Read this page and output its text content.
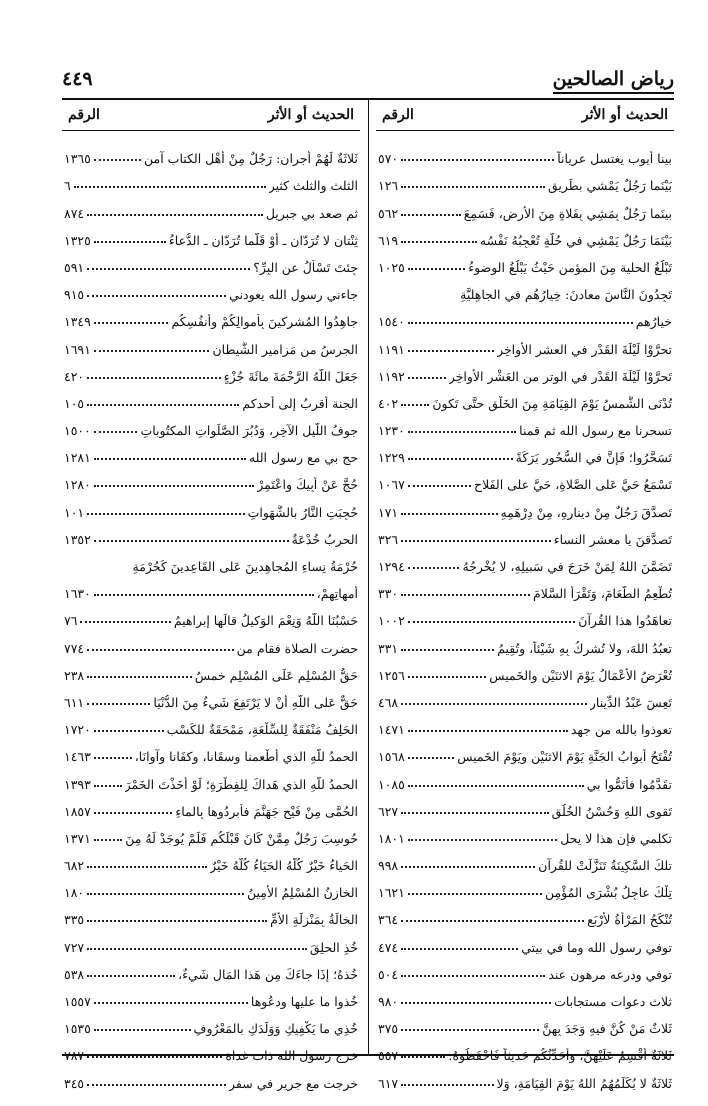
رياض الصالحين
٤٤٩
الحديث أو الأثر
الرقم
بينا أيوب يغتسل عرياناً
٥٧٠
بَيْنَما رَجُلٌ يَمْشي بطَريقٍ
١٢٦
بينَما رَجُلٌ بِمَشِي بِفَلاةٍ مِنَ الأرضِ، فَسَمِعَ
٥٦٢
بَيْنَمَا رَجُلٌ يَمْشِي في حُلَّةٍ تُعْجِبُهُ نَفْسُه
٦١٩
تَبْلُغُ الحلية مِنَ المؤمنِ حَيْثُ يَبْلُغُ الوضوءُ
١٠٢٥
تَجِدُونَ النَّاسَ معادنَ: خِيارُهُم في الجاهِليَّةِ
خيارُهم
١٥٤٠
تحرَّوْا لَيْلَةَ القَدْرِ في العشرِ الأواخِرِ
١١٩١
تَحرَّوْا لَيْلَةَ القَدْرِ في الوِترِ من العَشْرِ الأواخِرِ
١١٩٢
تُدْنَى الشَّمسُ يَوْمَ القِيَامَةِ مِنَ الخَلْقِ حتَّى تَكونَ
٤٠٢
تسحرنا مع رسول الله ثم قمنا
١٢٣٠
تَسَحَّرُوا؛ فَإنَّ في السُّحُورِ بَرَكَةً
١٢٢٩
تَسْمَعُ حَيَّ عَلى الصَّلاةِ، حَيَّ على الفَلاحِ
١٠٦٧
تَصدَّقَ رَجُلٌ مِنْ دينارِهِ، مِنْ دِرْهَمِهِ
١٧١
تَصدَّقنَ يا معشر النساء
٣٢٦
تَضَمَّنَ اللهُ لِمَنْ خَرَجَ في سَبيلِهِ، لا يُخْرِجُهُ
١٢٩٤
تُطْعِمُ الطَّعَامَ، وَتَقْرَأُ السَّلامَ
٣٣٠
تعاهَدُوا هذا القُرآنَ
١٠٠٢
تعبُدُ اللهَ، ولا تُشرِكُ بِهِ شَيْئاً، وتُقِيمُ
٣٣١
تُعْرَضُ الأَعْمَالُ يَوْمَ الاثنَيْنِ والخَميسِ
١٢٥٦
تَعِسَ عَبْدُ الدِّينارِ
٤٦٨
تعوذوا بالله من جهد
١٤٧١
تُفْتَحُ أبوابُ الجَنَّةِ يَوْمَ الاثنَيْنِ ويَوْمَ الخَميسِ
١٥٦٨
تقَدَّمُوا فأتَمُّوا بي
١٠٨٥
تَقوى اللهِ وَحُسْنُ الخُلُقِ
٦٢٧
تكلمي فإن هذا لا يحل
١٨٠١
تلكَ السَّكِينَةُ تَنَزَّلَتْ للقُرآنِ
٩٩٨
تِلْكَ عاجِلُ بُشْرَى المُؤْمِنِ
١٦٢١
تُنْكَحُ المَرْأَةُ لأَرْبَعٍ
٣٦٤
توفي رسول الله وما في بيتي
٤٧٤
توفي ودرعه مرهون عند
٥٠٤
ثلاث دعوات مستجابات
٩٨٠
ثَلاثٌ مَنْ كُنَّ فيهِ وَجَدَ بِهِنَّ
٣٧٥
ثَلاثَةٌ أُقْسِمُ عَلَيْهِنَّ، وأُحَدِّثُكُم حَديثاً فَاحْفَظُوهُ:
٥٥٧
ثَلاثَةٌ لا يُكَلِّمُهُمُ اللهُ يَوْمَ القِيَامَةِ، وَلا
٦١٧
الحديث أو الأثر
الرقم
ثَلاثَةٌ لَهُمْ أجرانِ: رَجُلٌ مِنْ أَهْلِ الكتابِ آمن
١٣٦٥
الثلث والثلث كثير
٦
ثم صعد بي جبريل
٨٧٤
ثِنْتانِ لا تُرَدّانِ ـ أوْ قَلَّما تُرَدّانِ ـ الدُّعاءُ
١٣٢٥
جِئتَ تَسْأَلُ عنِ البِرِّ؟
٥٩١
جاءني رسول الله يعودني
٩١٥
جاهِدُوا المُشركينَ بِأموالِكُمْ وأنفُسِكُم
١٣٤٩
الجرسُ من مَزاميرِ الشَّيطانِ
١٦٩١
جَعَلَ اللَّهُ الرَّحْمَةَ مائَةَ جُزْءٍ
٤٢٠
الجنة أقربُ إلى أحدكم
١٠٥
جوفُ اللَّيلِ الآخِرِ، وَدُبُرَ الصَّلَواتِ المكتُوباتِ
١٥٠٠
حج بي مع رسول الله
١٢٨١
حُجَّ عَنْ أَبِيكَ واعْتَمِرْ
١٢٨٠
حُجِبَتِ النَّارُ بالشَّهَواتِ
١٠١
الحربُ خُدْعَةٌ
١٣٥٢
حُرْمَةُ نِساءِ المُجاهِدينَ عَلى القَاعِدينَ كَحُرْمَةِ
أُمهاتِهِمْ،
١٦٣٠
حَسْبُنَا اللَّهُ وَنِعْمَ الوَكيلُ قالَها إبراهيمُ
٧٦
حضرت الصلاة فقام من
٧٧٤
حَقُّ المُسْلِمِ عَلَى المُسْلِمِ خمسٌ
٢٣٨
حَقٌّ عَلى اللَّهِ أَنْ لا يَرْتَفِعَ شَيءٌ مِنَ الدُّنْيَا
٦١١
الحَلِفُ مَنْفَقَةٌ لِلسِّلْعَةِ، مَمْحَقَةٌ للكَسْبِ
١٧٢٠
الحمدُ للَّهِ الذي أَطْعمنا وسقَانا، وكفَانا وآوانَا،
١٤٦٣
الحمدُ للَّهِ الذي هَداكَ لِلفِطْرَةِ؛ لَوْ أَخَذْتَ الخَمْرَ
١٣٩٣
الحُمَّى مِنْ فَيْحِ جَهَنَّمَ فأبرِدُوها بِالماءِ
١٨٥٧
حُوسِبَ رَجُلٌ مِمَّنْ كَانَ قَبْلَكُم فَلَمْ يُوجَدْ لَهُ مِنَ
١٣٧١
الحَياءُ خَيْرٌ كُلُّهُ الحَيَاءُ كُلُّهُ خَيْرٌ
٦٨٢
الخازِنُ المُسْلِمُ الأَمِينُ
١٨٠
الخالَةُ بِمَنْزِلَةِ الأُمِّ
٣٣٥
خُذِ الحلِقَ
٧٢٧
خُذهُ؛ إِذَا جاءَكَ مِن هَذا المَالِ شَيءٌ،
٥٣٨
خُذوا ما عليها ودعُوها
١٥٥٧
خُذِي ما يَكْفِيكِ وَوَلَدَكِ بالمَعْرُوفِ
١٥٣٥
خرج رسول الله ذات غداة
٧٨٧
خرجت مع جرير في سفر
٣٤٥
